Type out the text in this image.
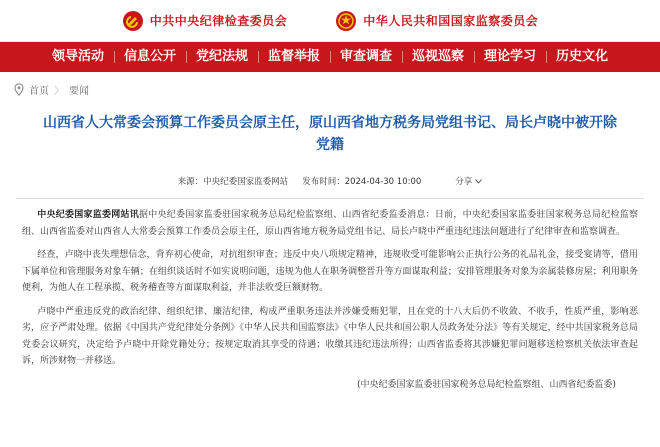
中共中央纪律检查委员会	中华人民共和国国家监察委员会
领导活动	信息公开	党纪法规	监督举报	审查调查	巡视巡察	理论学习	历史文化
首页 〉 要闻
山西省人大常委会预算工作委员会原主任，原山西省地方税务局党组书记、局长卢晓中被开除党籍
来源：中央纪委国家监委网站 发布时间：2024-04-30 10:00	分享

中央纪委国家监委网站讯据中央纪委国家监委驻国家税务总局纪检监察组、山西省纪委监委消息：日前，中央纪委国家监委驻国家税务总局纪检监察组、山西省监委对山西省人大常委会预算工作委员会原主任，原山西省地方税务局党组书记、局长卢晓中严重违纪违法问题进行了纪律审查和监察调查。

经查，卢晓中丧失理想信念，背弃初心使命，对抗组织审查；违反中央八项规定精神，违规收受可能影响公正执行公务的礼品礼金，接受宴请等，借用下属单位和管理服务对象车辆；在组织谈话时不如实说明问题，违规为他人在职务调整晋升等方面谋取利益；安排管理服务对象为亲属装修房屋；利用职务便利，为他人在工程承揽、税务稽查等方面谋取利益，并非法收受巨额财物。

卢晓中严重违反党的政治纪律、组织纪律、廉洁纪律，构成严重职务违法并涉嫌受贿犯罪，且在党的十八大后仍不收敛、不收手，性质严重，影响恶劣，应予严肃处理。依据《中国共产党纪律处分条例》《中华人民共和国监察法》《中华人民共和国公职人员政务处分法》等有关规定，经中共国家税务总局党委会议研究，决定给予卢晓中开除党籍处分；按规定取消其享受的待遇；收缴其违纪违法所得；山西省监委将其涉嫌犯罪问题移送检察机关依法审查起诉，所涉财物一并移送。

(中央纪委国家监委驻国家税务总局纪检监察组、山西省纪委监委)
